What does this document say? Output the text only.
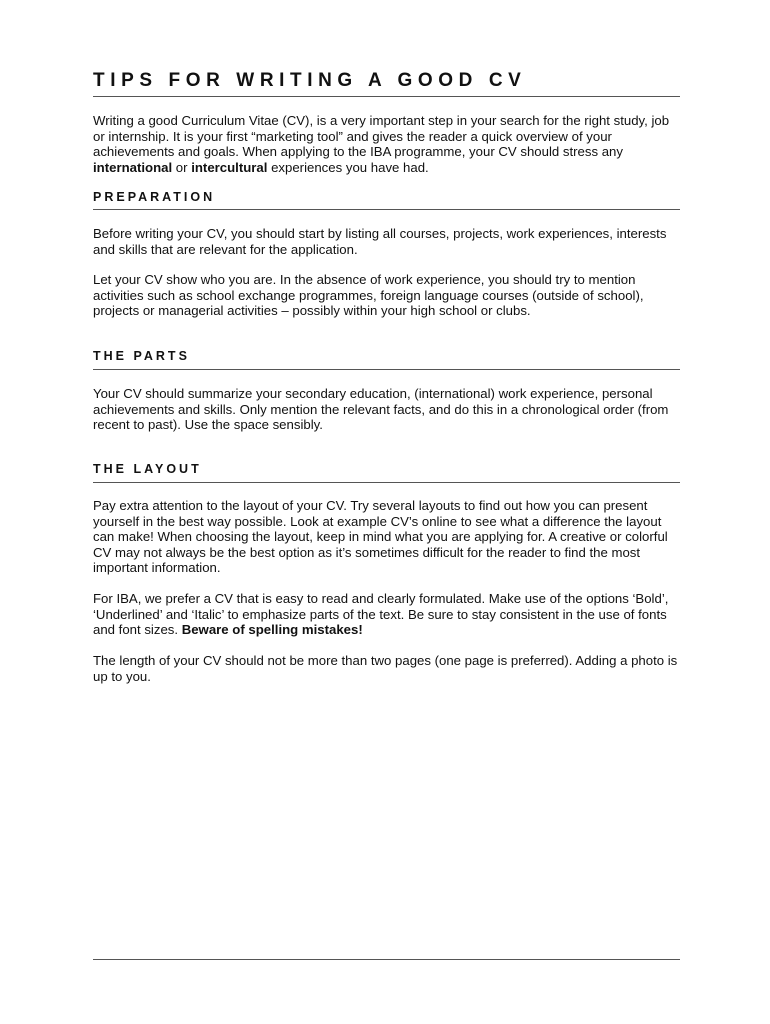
TIPS FOR WRITING A GOOD CV

Writing a good Curriculum Vitae (CV), is a very important step in your search for the right study, job or internship. It is your first “marketing tool” and gives the reader a quick overview of your achievements and goals. When applying to the IBA programme, your CV should stress any international or intercultural experiences you have had.

PREPARATION

Before writing your CV, you should start by listing all courses, projects, work experiences, interests and skills that are relevant for the application.

Let your CV show who you are. In the absence of work experience, you should try to mention activities such as school exchange programmes, foreign language courses (outside of school), projects or managerial activities – possibly within your high school or clubs.

THE PARTS

Your CV should summarize your secondary education, (international) work experience, personal achievements and skills. Only mention the relevant facts, and do this in a chronological order (from recent to past). Use the space sensibly.

THE LAYOUT

Pay extra attention to the layout of your CV. Try several layouts to find out how you can present yourself in the best way possible. Look at example CV’s online to see what a difference the layout can make! When choosing the layout, keep in mind what you are applying for. A creative or colorful CV may not always be the best option as it’s sometimes difficult for the reader to find the most important information.

For IBA, we prefer a CV that is easy to read and clearly formulated. Make use of the options ‘Bold’, ‘Underlined’ and ‘Italic’ to emphasize parts of the text. Be sure to stay consistent in the use of fonts and font sizes. Beware of spelling mistakes!

The length of your CV should not be more than two pages (one page is preferred). Adding a photo is up to you.
